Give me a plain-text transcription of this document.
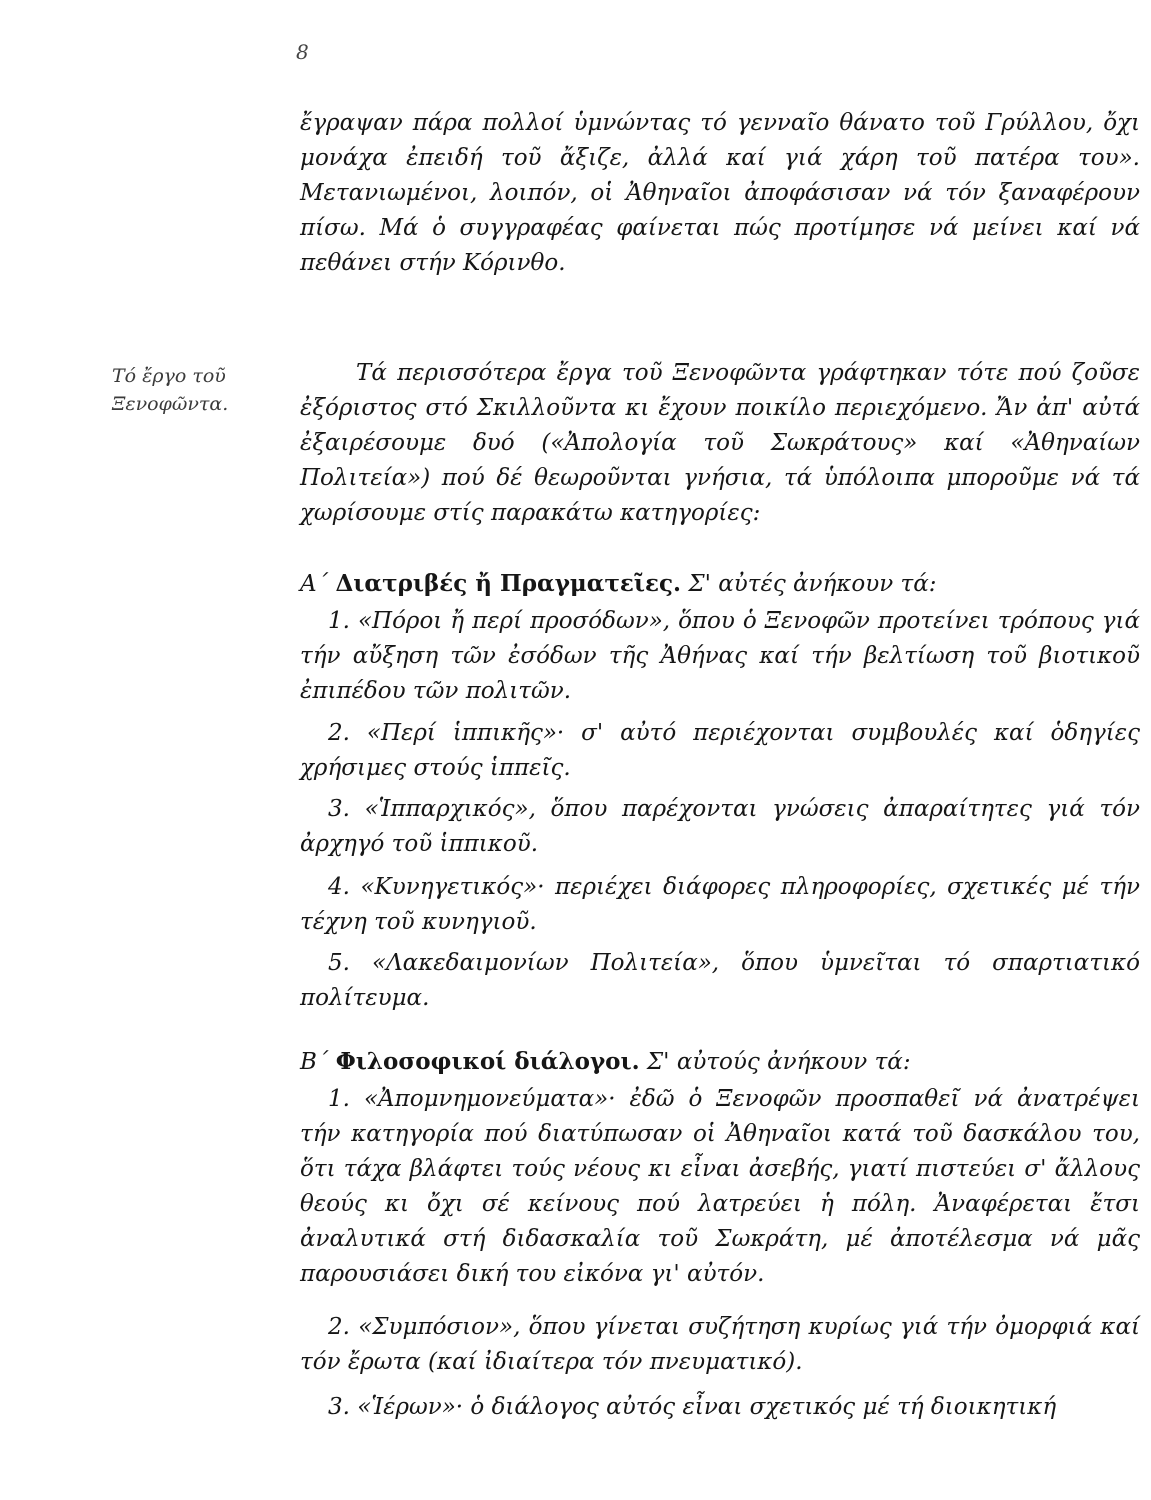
8

ἔγραψαν πάρα πολλοί ὑμνώντας τό γενναῖο θάνατο τοῦ Γρύλλου, ὄχι μονάχα ἐπειδή τοῦ ἄξιζε, ἀλλά καί γιά χάρη τοῦ πατέρα του». Μετανιωμένοι, λοιπόν, οἱ Ἀθηναῖοι ἀποφάσισαν νά τόν ξαναφέρουν πίσω. Μά ὁ συγγραφέας φαίνεται πώς προτίμησε νά μείνει καί νά πεθάνει στήν Κόρινθο.

Τό ἔργο τοῦ
Ξενοφῶντα.

Τά περισσότερα ἔργα τοῦ Ξενοφῶντα γράφτηκαν τότε πού ζοῦσε ἐξόριστος στό Σκιλλοῦντα κι ἔχουν ποικίλο περιεχόμενο. Ἄν ἀπ' αὐτά ἐξαιρέσουμε δυό («Ἀπολογία τοῦ Σωκράτους» καί «Ἀθηναίων Πολιτεία») πού δέ θεωροῦνται γνήσια, τά ὑπόλοιπα μποροῦμε νά τά χωρίσουμε στίς παρακάτω κατηγορίες:

Α΄ Διατριβές ἤ Πραγματεῖες. Σ' αὐτές ἀνήκουν τά:

1. «Πόροι ἤ περί προσόδων», ὅπου ὁ Ξενοφῶν προτείνει τρόπους γιά τήν αὔξηση τῶν ἐσόδων τῆς Ἀθήνας καί τήν βελτίωση τοῦ βιοτικοῦ ἐπιπέδου τῶν πολιτῶν.

2. «Περί ἱππικῆς»· σ' αὐτό περιέχονται συμβουλές καί ὁδηγίες χρήσιμες στούς ἱππεῖς.

3. «Ἱππαρχικός», ὅπου παρέχονται γνώσεις ἀπαραίτητες γιά τόν ἀρχηγό τοῦ ἱππικοῦ.

4. «Κυνηγετικός»· περιέχει διάφορες πληροφορίες, σχετικές μέ τήν τέχνη τοῦ κυνηγιοῦ.

5. «Λακεδαιμονίων Πολιτεία», ὅπου ὑμνεῖται τό σπαρτιατικό πολίτευμα.

Β΄ Φιλοσοφικοί διάλογοι. Σ' αὐτούς ἀνήκουν τά:

1. «Ἀπομνημονεύματα»· ἐδῶ ὁ Ξενοφῶν προσπαθεῖ νά ἀνατρέψει τήν κατηγορία πού διατύπωσαν οἱ Ἀθηναῖοι κατά τοῦ δασκάλου του, ὅτι τάχα βλάφτει τούς νέους κι εἶναι ἀσεβής, γιατί πιστεύει σ' ἄλλους θεούς κι ὄχι σέ κείνους πού λατρεύει ἡ πόλη. Ἀναφέρεται ἔτσι ἀναλυτικά στή διδασκαλία τοῦ Σωκράτη, μέ ἀποτέλεσμα νά μᾶς παρουσιάσει δική του εἰκόνα γι' αὐτόν.

2. «Συμπόσιον», ὅπου γίνεται συζήτηση κυρίως γιά τήν ὀμορφιά καί τόν ἔρωτα (καί ἰδιαίτερα τόν πνευματικό).

3. «Ἱέρων»· ὁ διάλογος αὐτός εἶναι σχετικός μέ τή διοικητική
